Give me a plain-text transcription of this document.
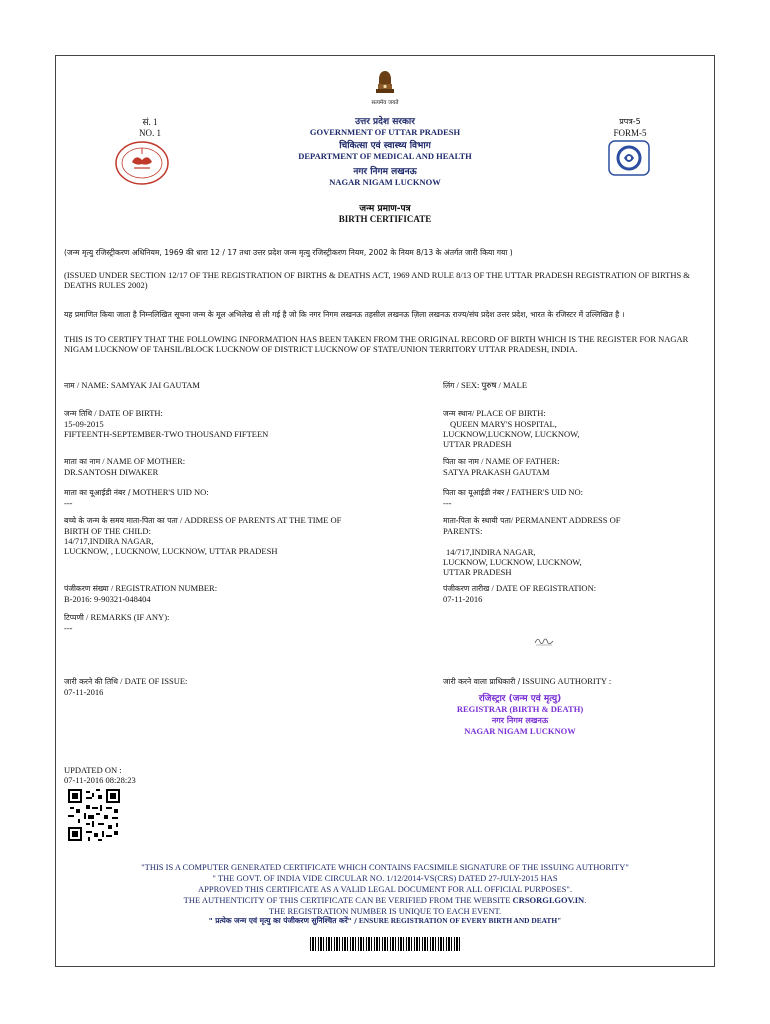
सत्यमेव जयते
सं. 1
NO. 1
प्रपत्र-5
FORM-5
उत्तर प्रदेश सरकार
GOVERNMENT OF UTTAR PRADESH
चिकित्सा एवं स्वास्थ्य विभाग
DEPARTMENT OF MEDICAL AND HEALTH
नगर निगम लखनऊ
NAGAR NIGAM LUCKNOW
जन्म प्रमाण-पत्र
BIRTH CERTIFICATE
(जन्म मृत्यु रजिस्ट्रीकरण अधिनियम, 1969 की धारा 12 / 17 तथा उत्तर प्रदेश जन्म मृत्यु रजिस्ट्रीकरण नियम, 2002 के नियम 8/13 के अंतर्गत जारी किया गया )
(ISSUED UNDER SECTION 12/17 OF THE REGISTRATION OF BIRTHS & DEATHS ACT, 1969 AND RULE 8/13 OF THE UTTAR PRADESH REGISTRATION OF BIRTHS & DEATHS RULES 2002)
यह प्रमाणित किया जाता है निम्नलिखित सूचना जन्म के मूल अभिलेख से ली गई है जो कि नगर निगम लखनऊ तहसील लखनऊ ज़िला लखनऊ राज्य/संघ प्रदेश उत्तर प्रदेश, भारत के रजिस्टर में उल्लिखित है ।
THIS IS TO CERTIFY THAT THE FOLLOWING INFORMATION HAS BEEN TAKEN FROM THE ORIGINAL RECORD OF BIRTH WHICH IS THE REGISTER FOR NAGAR NIGAM LUCKNOW OF TAHSIL/BLOCK LUCKNOW OF DISTRICT LUCKNOW OF STATE/UNION TERRITORY UTTAR PRADESH, INDIA.
नाम / NAME: SAMYAK JAI GAUTAM	लिंग / SEX: पुरुष / MALE
जन्म तिथि / DATE OF BIRTH:
15-09-2015
FIFTEENTH-SEPTEMBER-TWO THOUSAND FIFTEEN
जन्म स्थान/ PLACE OF BIRTH:
QUEEN MARY'S HOSPITAL,
LUCKNOW,LUCKNOW, LUCKNOW,
UTTAR PRADESH
माता का नाम / NAME OF MOTHER:
DR.SANTOSH DIWAKER
पिता का नाम / NAME OF FATHER:
SATYA PRAKASH GAUTAM
माता का यूआईडी नंबर / MOTHER'S UID NO:
---
पिता का यूआईडी नंबर / FATHER'S UID NO:
---
बच्चे के जन्म के समय माता-पिता का पता / ADDRESS OF PARENTS AT THE TIME OF
BIRTH OF THE CHILD:
14/717,INDIRA NAGAR,
LUCKNOW, , LUCKNOW, LUCKNOW, UTTAR PRADESH
माता-पिता के स्थायी पता/ PERMANENT ADDRESS OF
PARENTS:
14/717,INDIRA NAGAR,
LUCKNOW, LUCKNOW, LUCKNOW,
UTTAR PRADESH
पंजीकरण संख्या / REGISTRATION NUMBER:
B-2016: 9-90321-048404
पंजीकरण तारीख / DATE OF REGISTRATION:
07-11-2016
टिप्पणी / REMARKS (IF ANY):
---
जारी करने की तिथि / DATE OF ISSUE:
07-11-2016
जारी करने वाला प्राधिकारी / ISSUING AUTHORITY :
रजिस्ट्रार (जन्म एवं मृत्यु)
REGISTRAR (BIRTH & DEATH)
नगर निगम लखनऊ
NAGAR NIGAM LUCKNOW
UPDATED ON :
07-11-2016 08:28:23
"THIS IS A COMPUTER GENERATED CERTIFICATE WHICH CONTAINS FACSIMILE SIGNATURE OF THE ISSUING AUTHORITY"
" THE GOVT. OF INDIA VIDE CIRCULAR NO. 1/12/2014-VS(CRS) DATED 27-JULY-2015 HAS
APPROVED THIS CERTIFICATE AS A VALID LEGAL DOCUMENT FOR ALL OFFICIAL PURPOSES".
THE AUTHENTICITY OF THIS CERTIFICATE CAN BE VERIFIED FROM THE WEBSITE CRSORGI.GOV.IN.
THE REGISTRATION NUMBER IS UNIQUE TO EACH EVENT.
" प्रत्येक जन्म एवं मृत्यु का पंजीकरण सुनिश्चित करें" / ENSURE REGISTRATION OF EVERY BIRTH AND DEATH"
